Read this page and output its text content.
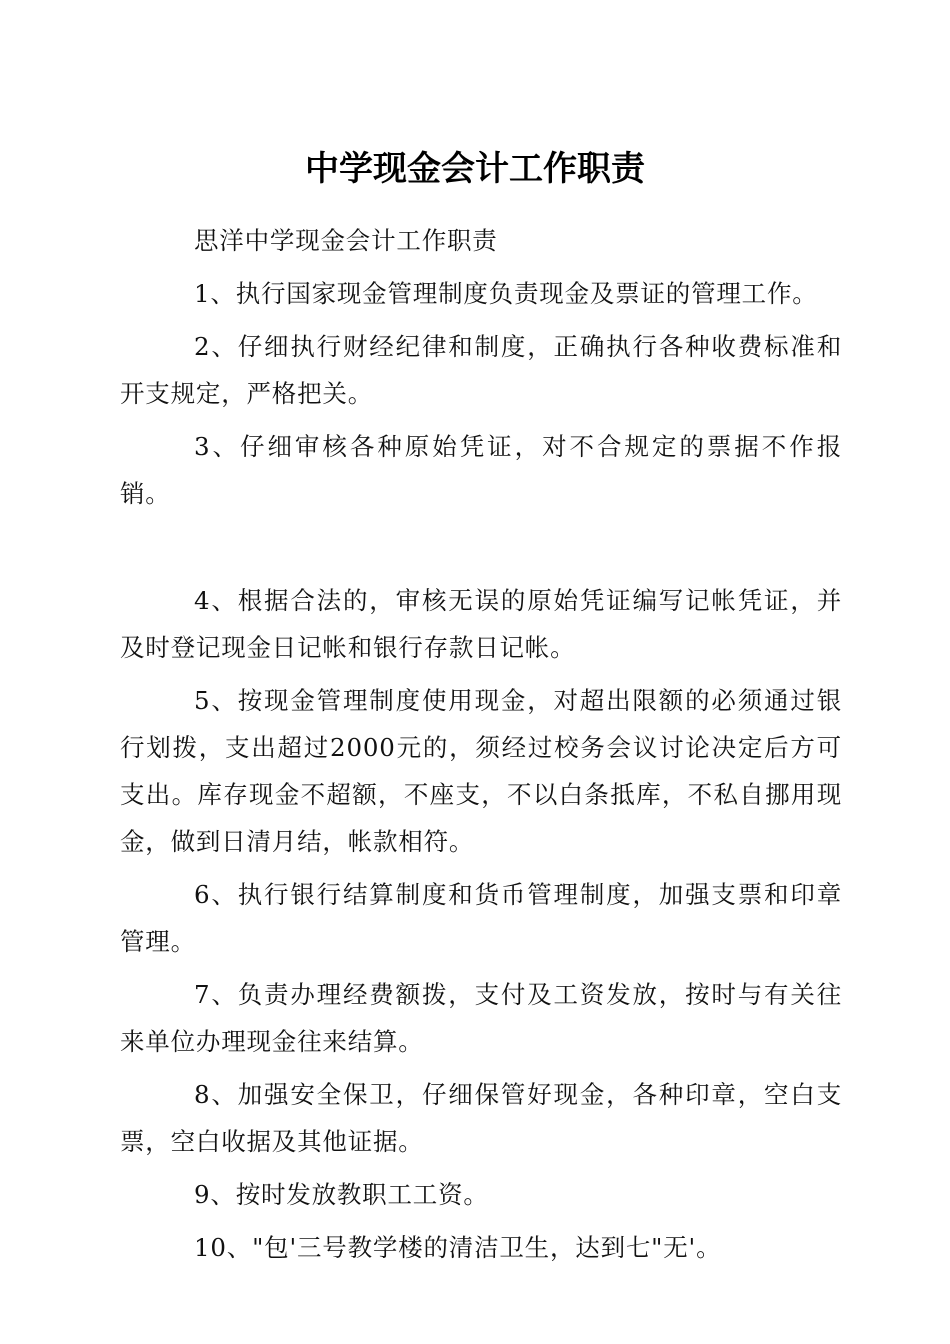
中学现金会计工作职责

思洋中学现金会计工作职责

1、执行国家现金管理制度负责现金及票证的管理工作。

2、仔细执行财经纪律和制度，正确执行各种收费标准和开支规定，严格把关。

3、仔细审核各种原始凭证，对不合规定的票据不作报销。

4、根据合法的，审核无误的原始凭证编写记帐凭证，并及时登记现金日记帐和银行存款日记帐。

5、按现金管理制度使用现金，对超出限额的必须通过银行划拨，支出超过2000元的，须经过校务会议讨论决定后方可支出。库存现金不超额，不座支，不以白条抵库，不私自挪用现金，做到日清月结，帐款相符。

6、执行银行结算制度和货币管理制度，加强支票和印章管理。

7、负责办理经费额拨，支付及工资发放，按时与有关往来单位办理现金往来结算。

8、加强安全保卫，仔细保管好现金，各种印章，空白支票，空白收据及其他证据。

9、按时发放教职工工资。

10、"包'三号教学楼的清洁卫生，达到七"无'。
